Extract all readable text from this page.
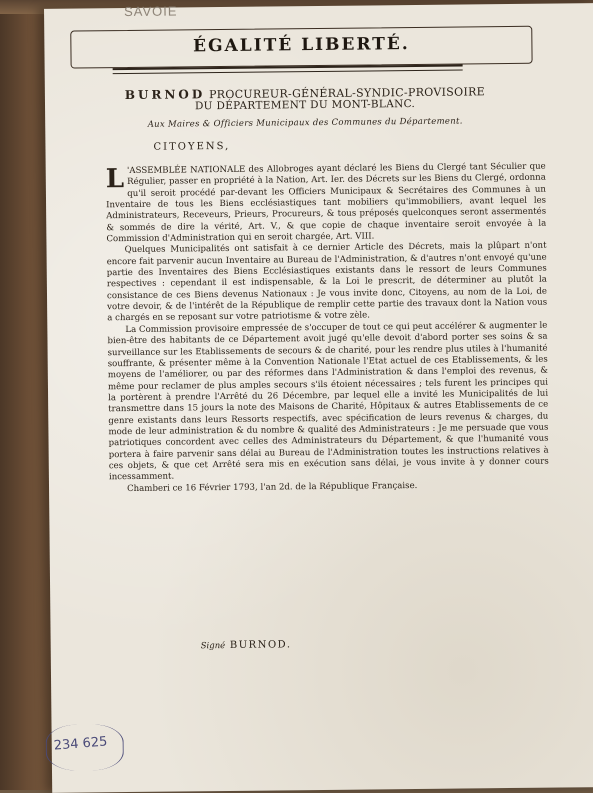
SAVOIE
ÉGALITÉ LIBERTÉ.
BURNOD PROCUREUR-GÉNÉRAL-SYNDIC-PROVISOIRE
DU DÉPARTEMENT DU MONT-BLANC.
Aux Maires & Officiers Municipaux des Communes du Département.
CITOYENS,

L 'ASSEMBLÉE NATIONALE des Allobroges ayant déclaré les Biens du Clergé tant Séculier que Régulier, passer en propriété à la Nation, Art. Ier. des Décrets sur les Biens du Clergé, ordonna qu'il seroit procédé par-devant les Officiers Municipaux & Secrétaires des Communes à un Inventaire de tous les Biens ecclésiastiques tant mobiliers qu'immobiliers, avant lequel les Administrateurs, Receveurs, Prieurs, Procureurs, & tous préposés quelconques seront assermentés & sommés de dire la vérité, Art. V., & que copie de chaque inventaire seroit envoyée à la Commission d'Administration qui en seroit chargée, Art. VIII.

Quelques Municipalités ont satisfait à ce dernier Article des Décrets, mais la plûpart n'ont encore fait parvenir aucun Inventaire au Bureau de l'Administration, & d'autres n'ont envoyé qu'une partie des Inventaires des Biens Ecclésiastiques existants dans le ressort de leurs Communes respectives : cependant il est indispensable, & la Loi le prescrit, de déterminer au plutôt la consistance de ces Biens devenus Nationaux : Je vous invite donc, Citoyens, au nom de la Loi, de votre devoir, & de l'intérêt de la République de remplir cette partie des travaux dont la Nation vous a chargés en se reposant sur votre patriotisme & votre zèle.

La Commission provisoire empressée de s'occuper de tout ce qui peut accélérer & augmenter le bien-être des habitants de ce Département avoit jugé qu'elle devoit d'abord porter ses soins & sa surveillance sur les Etablissements de secours & de charité, pour les rendre plus utiles à l'humanité souffrante, & présenter même à la Convention Nationale l'Etat actuel de ces Etablissements, & les moyens de l'améliorer, ou par des réformes dans l'Administration & dans l'emploi des revenus, & même pour reclamer de plus amples secours s'ils étoient nécessaires ; tels furent les principes qui la portèrent à prendre l'Arrêté du 26 Décembre, par lequel elle a invité les Municipalités de lui transmettre dans 15 jours la note des Maisons de Charité, Hôpitaux & autres Etablissements de ce genre existants dans leurs Ressorts respectifs, avec spécification de leurs revenus & charges, du mode de leur administration & du nombre & qualité des Administrateurs : Je me persuade que vous patriotiques concordent avec celles des Administrateurs du Département, & que l'humanité vous portera à faire parvenir sans délai au Bureau de l'Administration toutes les instructions relatives à ces objets, & que cet Arrêté sera mis en exécution sans délai, je vous invite à y donner cours incessamment.

Chamberi ce 16 Février 1793, l'an 2d. de la République Française.

Signé BURNOD.
234 625
